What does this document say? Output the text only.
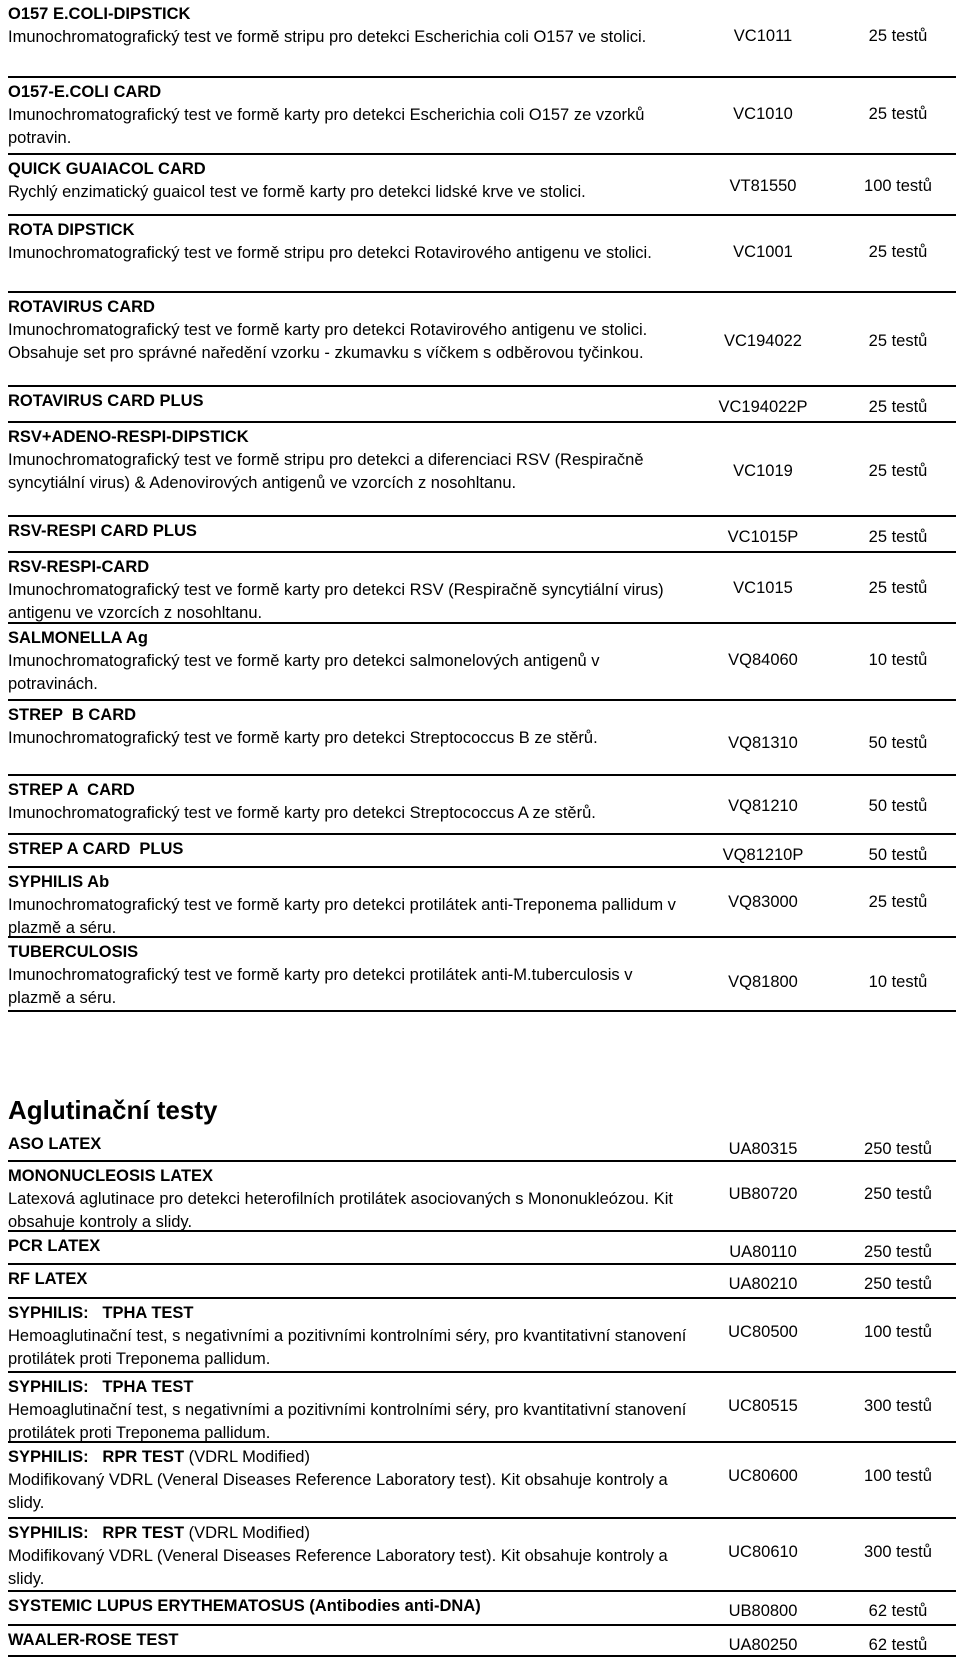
O157 E.COLI-DIPSTICK
Imunochromatografický test ve formě stripu pro detekci Escherichia coli O157 ve stolici.	VC1011	25 testů
O157-E.COLI CARD
Imunochromatografický test ve formě karty pro detekci Escherichia coli O157 ze vzorků potravin.
VC1010	25 testů
QUICK GUAIACOL CARD
Rychlý enzimatický guaicol test ve formě karty pro detekci lidské krve ve stolici.	VT81550	100 testů
ROTA DIPSTICK
Imunochromatografický test ve formě stripu pro detekci Rotavirového antigenu ve stolici.	VC1001	25 testů
ROTAVIRUS CARD
Imunochromatografický test ve formě karty pro detekci Rotavirového antigenu ve stolici. Obsahuje set pro správné naředění vzorku - zkumavku s víčkem s odběrovou tyčinkou.
VC194022	25 testů
ROTAVIRUS CARD PLUS	VC194022P	25 testů
RSV+ADENO-RESPI-DIPSTICK
Imunochromatografický test ve formě stripu pro detekci a diferenciaci RSV (Respiračně syncytiální virus) & Adenovirových antigenů ve vzorcích z nosohltanu.
VC1019	25 testů
RSV-RESPI CARD PLUS	VC1015P	25 testů
RSV-RESPI-CARD
Imunochromatografický test ve formě karty pro detekci RSV (Respiračně syncytiální virus) antigenu ve vzorcích z nosohltanu.
VC1015	25 testů
SALMONELLA Ag
Imunochromatografický test ve formě karty pro detekci salmonelových antigenů v potravinách.
VQ84060	10 testů
STREP  B CARD
Imunochromatografický test ve formě karty pro detekci Streptococcus B ze stěrů.	VQ81310	50 testů
STREP A  CARD
Imunochromatografický test ve formě karty pro detekci Streptococcus A ze stěrů.	VQ81210	50 testů
STREP A CARD  PLUS	VQ81210P	50 testů
SYPHILIS Ab
Imunochromatografický test ve formě karty pro detekci protilátek anti-Treponema pallidum v plazmě a séru.
VQ83000	25 testů
TUBERCULOSIS
Imunochromatografický test ve formě karty pro detekci protilátek anti-M.tuberculosis v plazmě a séru.
VQ81800	10 testů
Aglutinační testy
ASO LATEX	UA80315	250 testů
MONONUCLEOSIS LATEX
Latexová aglutinace pro detekci heterofilních protilátek asociovaných s Mononukleózou. Kit obsahuje kontroly a slidy.
UB80720	250 testů
PCR LATEX	UA80110	250 testů
RF LATEX	UA80210	250 testů
SYPHILIS:   TPHA TEST
Hemoaglutinační test, s negativními a pozitivními kontrolními séry, pro kvantitativní stanovení protilátek proti Treponema pallidum.
UC80500	100 testů
SYPHILIS:   TPHA TEST
Hemoaglutinační test, s negativními a pozitivními kontrolními séry, pro kvantitativní stanovení protilátek proti Treponema pallidum.
UC80515	300 testů
SYPHILIS:   RPR TEST (VDRL Modified)
Modifikovaný VDRL (Veneral Diseases Reference Laboratory test). Kit obsahuje kontroly a slidy.
UC80600	100 testů
SYPHILIS:   RPR TEST (VDRL Modified)
Modifikovaný VDRL (Veneral Diseases Reference Laboratory test). Kit obsahuje kontroly a slidy.
UC80610	300 testů
SYSTEMIC LUPUS ERYTHEMATOSUS (Antibodies anti-DNA)	UB80800	62 testů
WAALER-ROSE TEST	UA80250	62 testů
